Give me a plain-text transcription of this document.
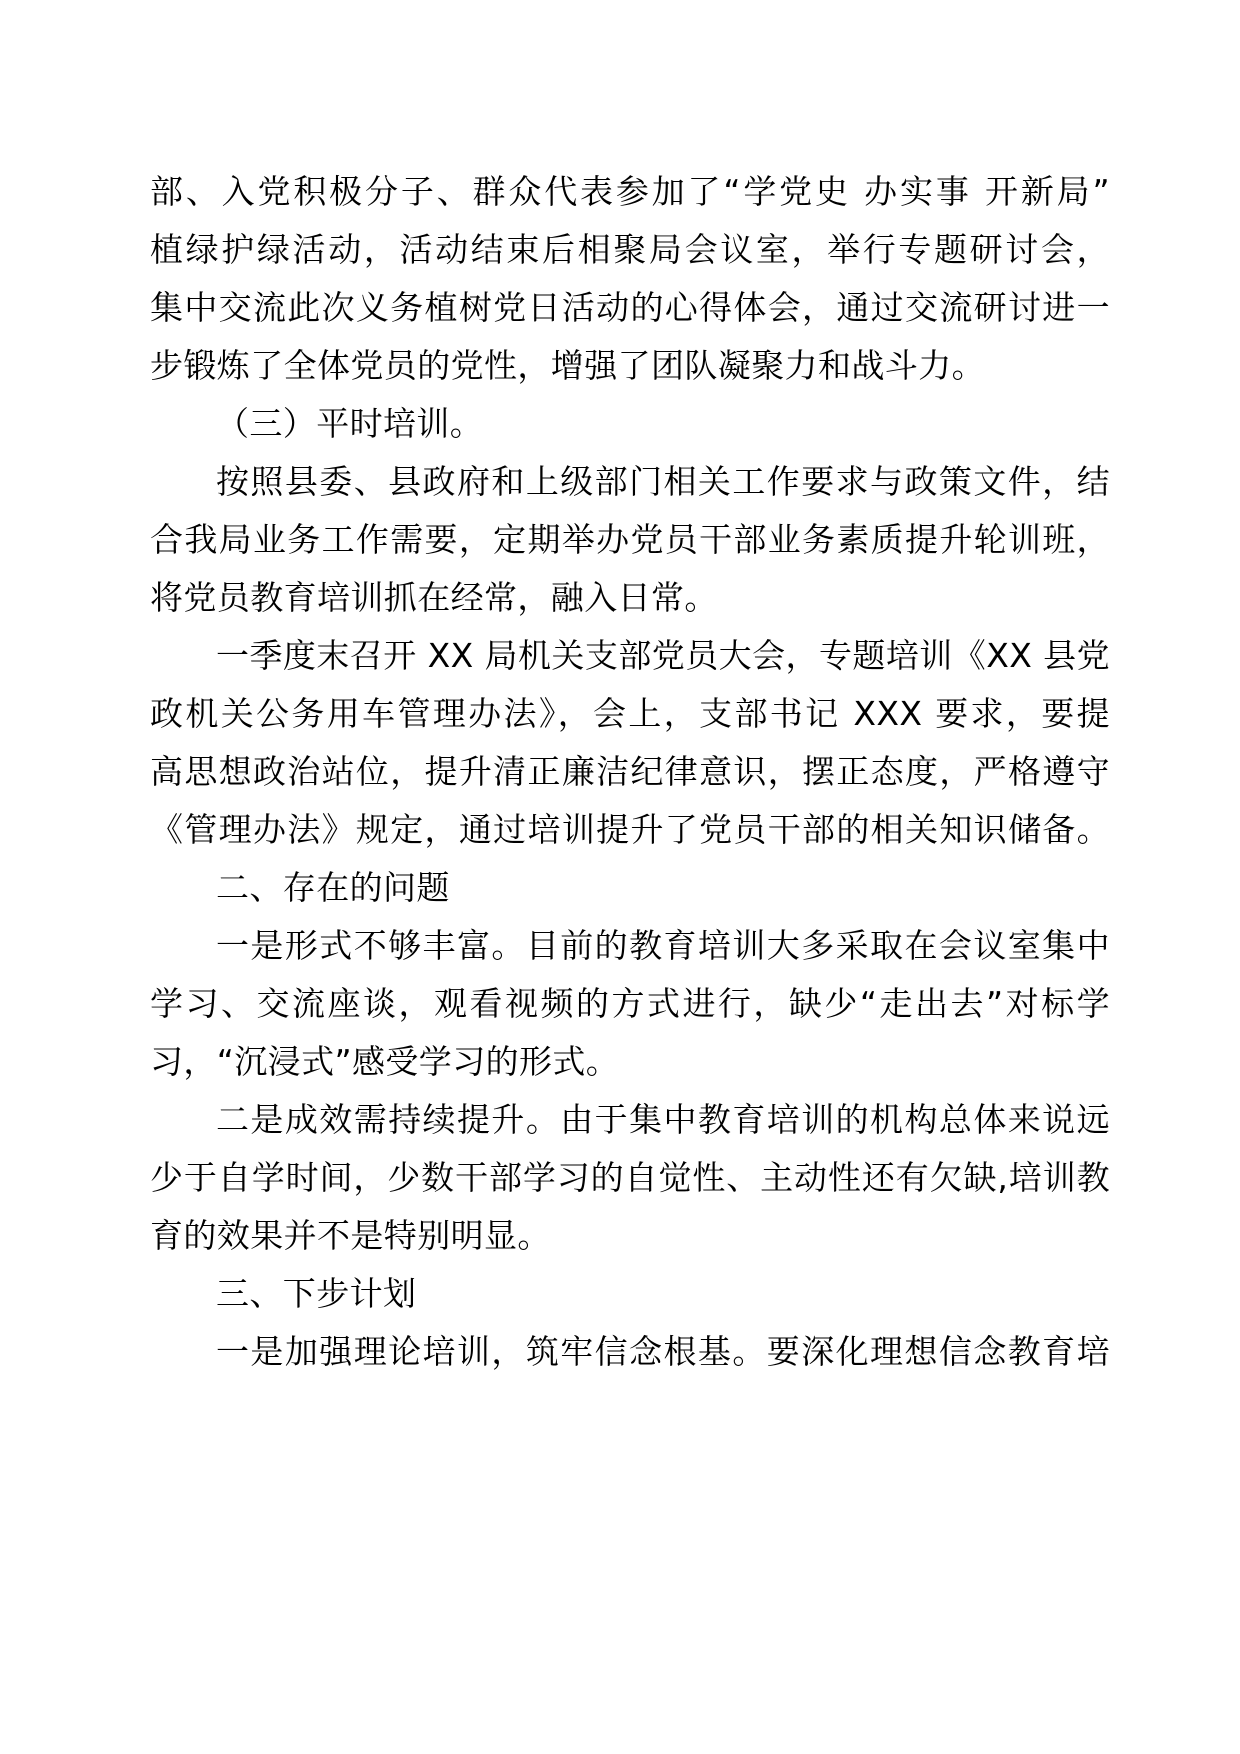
部、入党积极分子、群众代表参加了“学党史 办实事 开新局”
植绿护绿活动，活动结束后相聚局会议室，举行专题研讨会，
集中交流此次义务植树党日活动的心得体会，通过交流研讨进一
步锻炼了全体党员的党性，增强了团队凝聚力和战斗力。
（三）平时培训。
按照县委、县政府和上级部门相关工作要求与政策文件，结
合我局业务工作需要，定期举办党员干部业务素质提升轮训班，
将党员教育培训抓在经常，融入日常。
一季度末召开 XX 局机关支部党员大会，专题培训《XX 县党
政机关公务用车管理办法》，会上，支部书记 XXX 要求，要提
高思想政治站位，提升清正廉洁纪律意识，摆正态度，严格遵守
《管理办法》规定，通过培训提升了党员干部的相关知识储备。
二、存在的问题
一是形式不够丰富。目前的教育培训大多采取在会议室集中
学习、交流座谈，观看视频的方式进行，缺少“走出去”对标学
习，“沉浸式”感受学习的形式。
二是成效需持续提升。由于集中教育培训的机构总体来说远
少于自学时间，少数干部学习的自觉性、主动性还有欠缺,培训教
育的效果并不是特别明显。
三、下步计划
一是加强理论培训，筑牢信念根基。要深化理想信念教育培
